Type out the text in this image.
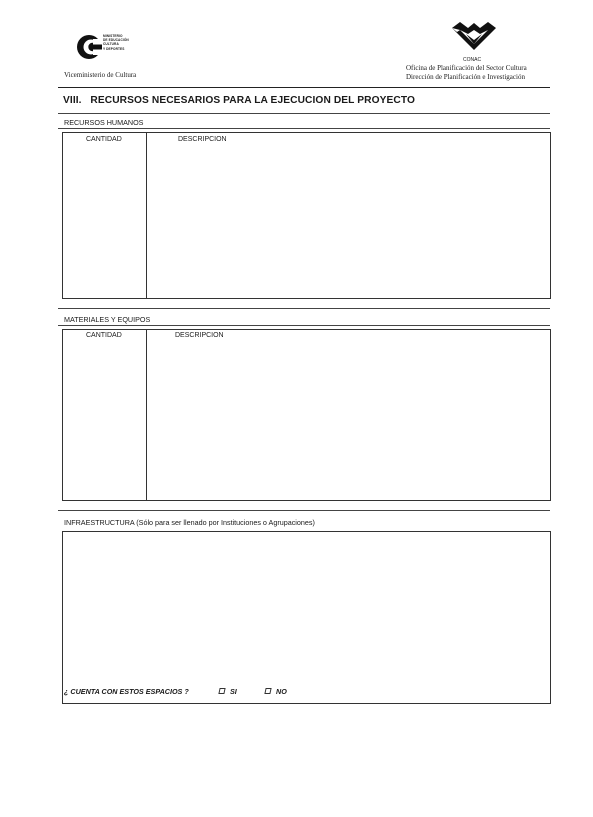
MINISTERIO
DE EDUCACIÓN
CULTURA
Y DEPORTES
Viceministerio de Cultura
CONAC
Oficina de Planificación del Sector Cultura
Dirección de Planificación e Investigación
VIII.   RECURSOS NECESARIOS PARA LA EJECUCION DEL PROYECTO
RECURSOS HUMANOS
CANTIDAD	DESCRIPCION
MATERIALES Y EQUIPOS
CANTIDAD	DESCRIPCION
INFRAESTRUCTURA (Sólo para ser llenado por Instituciones o Agrupaciones)
¿ CUENTA CON ESTOS ESPACIOS ?	SI	NO
